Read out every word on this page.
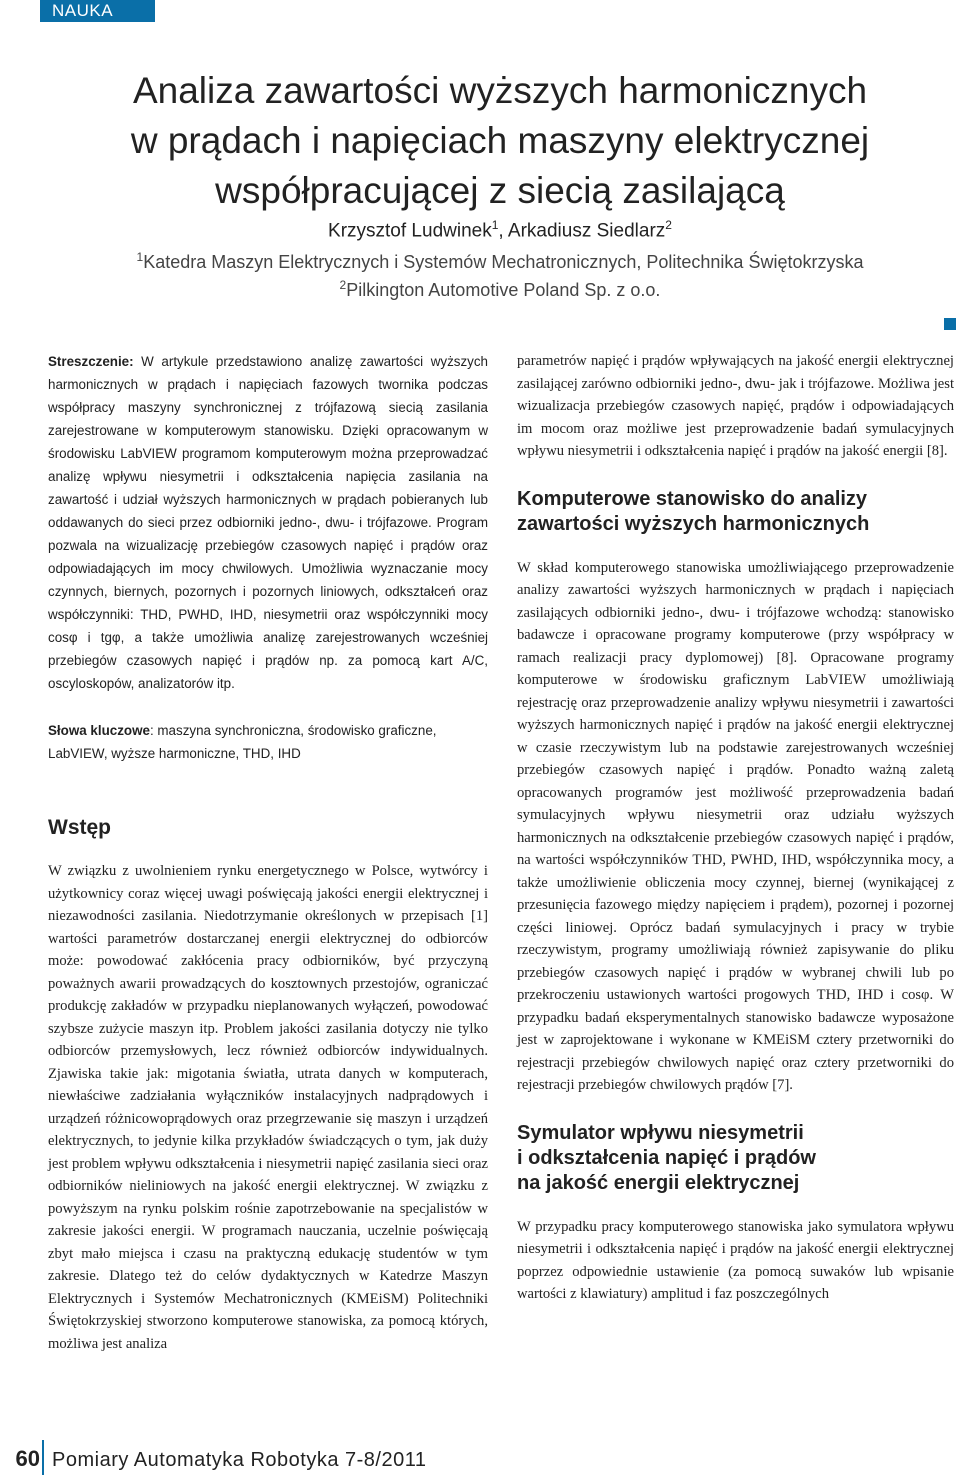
NAUKA
Analiza zawartości wyższych harmonicznych
w prądach i napięciach maszyny elektrycznej
współpracującej z siecią zasilającą
Krzysztof Ludwinek$^1$, Arkadiusz Siedlarz$^2$
$^1$Katedra Maszyn Elektrycznych i Systemów Mechatronicznych, Politechnika Świętokrzyska
$^2$Pilkington Automotive Poland Sp. z o.o.

Streszczenie: W artykule przedstawiono analizę zawartości wyższych harmonicznych w prądach i napięciach fazowych twornika podczas współpracy maszyny synchronicznej z trójfazową siecią zasilania zarejestrowane w komputerowym stanowisku. Dzięki opracowanym w środowisku LabVIEW programom komputerowym można przeprowadzać analizę wpływu niesymetrii i odkształcenia napięcia zasilania na zawartość i udział wyższych harmonicznych w prądach pobieranych lub oddawanych do sieci przez odbiorniki jedno-, dwu- i trójfazowe. Program pozwala na wizualizację przebiegów czasowych napięć i prądów oraz odpowiadających im mocy chwilowych. Umożliwia wyznaczanie mocy czynnych, biernych, pozornych i pozornych liniowych, odkształceń oraz współczynniki: THD, PWHD, IHD, niesymetrii oraz współczynniki mocy cosφ i tgφ, a także umożliwia analizę zarejestrowanych wcześniej przebiegów czasowych napięć i prądów np. za pomocą kart A/C, oscyloskopów, analizatorów itp.

Słowa kluczowe: maszyna synchroniczna, środowisko graficzne, LabVIEW, wyższe harmoniczne, THD, IHD

Wstęp

W związku z uwolnieniem rynku energetycznego w Polsce, wytwórcy i użytkownicy coraz więcej uwagi poświęcają jakości energii elektrycznej i niezawodności zasilania. Niedotrzymanie określonych w przepisach [1] wartości parametrów dostarczanej energii elektrycznej do odbiorców może: powodować zakłócenia pracy odbiorników, być przyczyną poważnych awarii prowadzących do kosztownych przestojów, ograniczać produkcję zakładów w przypadku nieplanowanych wyłączeń, powodować szybsze zużycie maszyn itp. Problem jakości zasilania dotyczy nie tylko odbiorców przemysłowych, lecz również odbiorców indywidualnych. Zjawiska takie jak: migotania światła, utrata danych w komputerach, niewłaściwe zadziałania wyłączników instalacyjnych nadprądowych i urządzeń różnicowoprądowych oraz przegrzewanie się maszyn i urządzeń elektrycznych, to jedynie kilka przykładów świadczących o tym, jak duży jest problem wpływu odkształcenia i niesymetrii napięć zasilania sieci oraz odbiorników nieliniowych na jakość energii elektrycznej. W związku z powyższym na rynku polskim rośnie zapotrzebowanie na specjalistów w zakresie jakości energii. W programach nauczania, uczelnie poświęcają zbyt mało miejsca i czasu na praktyczną edukację studentów w tym zakresie. Dlatego też do celów dydaktycznych w Katedrze Maszyn Elektrycznych i Systemów Mechatronicznych (KMEiSM) Politechniki Świętokrzyskiej stworzono komputerowe stanowiska, za pomocą których, możliwa jest analiza

parametrów napięć i prądów wpływających na jakość energii elektrycznej zasilającej zarówno odbiorniki jedno-, dwu- jak i trójfazowe. Możliwa jest wizualizacja przebiegów czasowych napięć, prądów i odpowiadających im mocom oraz możliwe jest przeprowadzenie badań symulacyjnych wpływu niesymetrii i odkształcenia napięć i prądów na jakość energii [8].

Komputerowe stanowisko do analizy
zawartości wyższych harmonicznych

W skład komputerowego stanowiska umożliwiającego przeprowadzenie analizy zawartości wyższych harmonicznych w prądach i napięciach zasilających odbiorniki jedno-, dwu- i trójfazowe wchodzą: stanowisko badawcze i opracowane programy komputerowe (przy współpracy w ramach realizacji pracy dyplomowej) [8]. Opracowane programy komputerowe w środowisku graficznym LabVIEW umożliwiają rejestrację oraz przeprowadzenie analizy wpływu niesymetrii i zawartości wyższych harmonicznych napięć i prądów na jakość energii elektrycznej w czasie rzeczywistym lub na podstawie zarejestrowanych wcześniej przebiegów czasowych napięć i prądów. Ponadto ważną zaletą opracowanych programów jest możliwość przeprowadzenia badań symulacyjnych wpływu niesymetrii oraz udziału wyższych harmonicznych na odkształcenie przebiegów czasowych napięć i prądów, na wartości współczynników THD, PWHD, IHD, współczynnika mocy, a także umożliwienie obliczenia mocy czynnej, biernej (wynikającej z przesunięcia fazowego między napięciem i prądem), pozornej i pozornej części liniowej. Oprócz badań symulacyjnych i pracy w trybie rzeczywistym, programy umożliwiają również zapisywanie do pliku przebiegów czasowych napięć i prądów w wybranej chwili lub po przekroczeniu ustawionych wartości progowych THD, IHD i cosφ. W przypadku badań eksperymentalnych stanowisko badawcze wyposażone jest w zaprojektowane i wykonane w KMEiSM cztery przetworniki do rejestracji przebiegów chwilowych napięć oraz cztery przetworniki do rejestracji przebiegów chwilowych prądów [7].

Symulator wpływu niesymetrii
i odkształcenia napięć i prądów
na jakość energii elektrycznej

W przypadku pracy komputerowego stanowiska jako symulatora wpływu niesymetrii i odkształcenia napięć i prądów na jakość energii elektrycznej poprzez odpowiednie ustawienie (za pomocą suwaków lub wpisanie wartości z klawiatury) amplitud i faz poszczególnych

60 Pomiary Automatyka Robotyka 7-8/2011
